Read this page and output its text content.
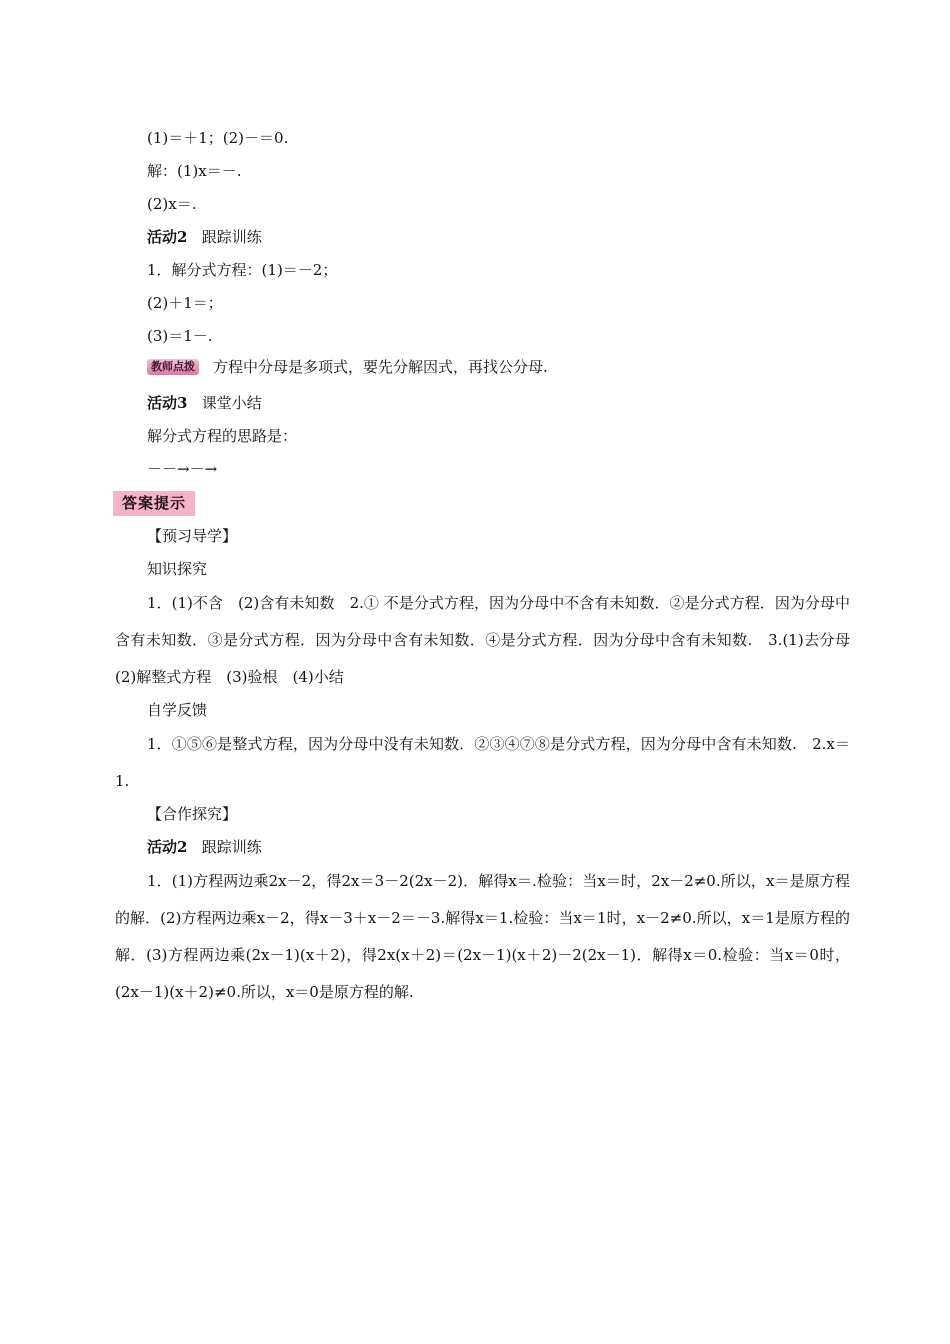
(1)＝＋1；(2)－＝0.
解：(1)x＝－.
(2)x＝.
活动2 跟踪训练
1．解分式方程：(1)＝－2；
(2)＋1＝；
(3)＝1－.
教师点拨 方程中分母是多项式，要先分解因式，再找公分母.
活动3 课堂小结
解分式方程的思路是：
－－→－→
答案提示
【预习导学】
知识探究
1．(1)不含　(2)含有未知数　2.① 不是分式方程，因为分母中不含有未知数．②是分式方程．因为分母中含有未知数．③是分式方程．因为分母中含有未知数．④是分式方程．因为分母中含有未知数.　3.(1)去分母　(2)解整式方程　(3)验根　(4)小结
自学反馈
1．①⑤⑥是整式方程，因为分母中没有未知数．②③④⑦⑧是分式方程，因为分母中含有未知数.　2.x＝1.
【合作探究】
活动2 跟踪训练
1．(1)方程两边乘2x－2，得2x＝3－2(2x－2)．解得x＝.检验：当x＝时，2x－2≠0.所以，x＝是原方程的解．(2)方程两边乘x－2，得x－3＋x－2＝－3.解得x＝1.检验：当x＝1时，x－2≠0.所以，x＝1是原方程的解．(3)方程两边乘(2x－1)(x＋2)，得2x(x＋2)＝(2x－1)(x＋2)－2(2x－1)．解得x＝0.检验：当x＝0时，(2x－1)(x＋2)≠0.所以，x＝0是原方程的解.
